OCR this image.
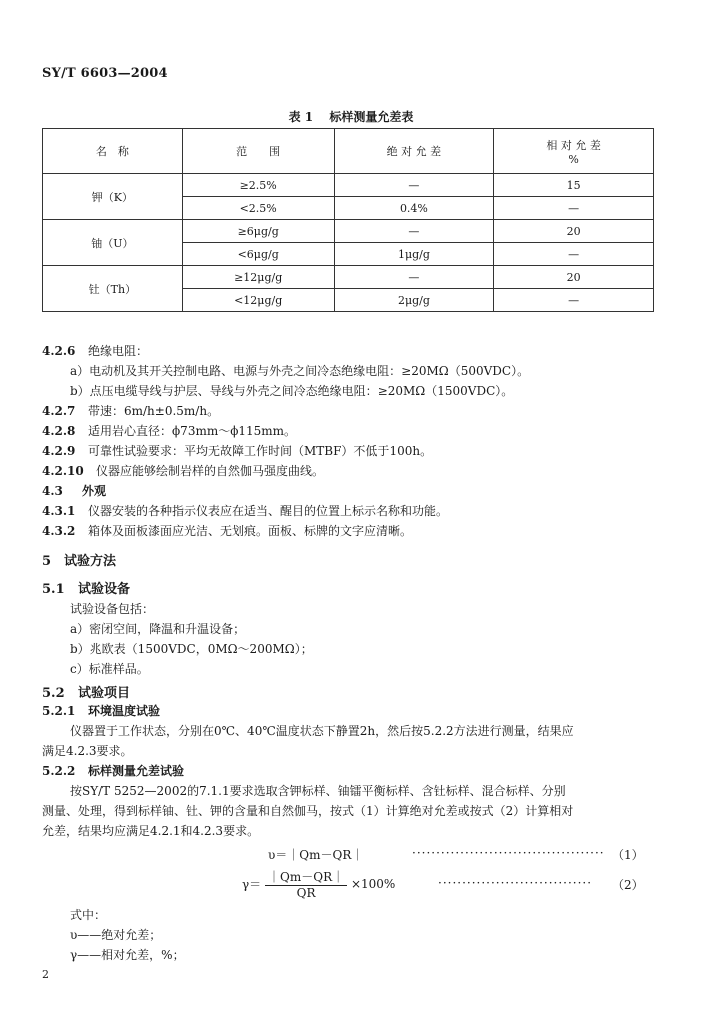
SY/T 6603—2004
表 1 标样测量允差表
名　称	范　　围	绝 对 允 差	相 对 允 差
%

钾（K）	≥2.5%	—	15
	<2.5%	0.4%	—
铀（U）	≥6μg/g	—	20
	<6μg/g	1μg/g	—
钍（Th）	≥12μg/g	—	20
	<12μg/g	2μg/g	—
4.2.6 绝缘电阻：
a）电动机及其开关控制电路、电源与外壳之间冷态绝缘电阻：≥20MΩ（500VDC）。
b）点压电缆导线与护层、导线与外壳之间冷态绝缘电阻：≥20MΩ（1500VDC）。
4.2.7 带速：6m/h±0.5m/h。
4.2.8 适用岩心直径：ϕ73mm～ϕ115mm。
4.2.9 可靠性试验要求：平均无故障工作时间（MTBF）不低于100h。
4.2.10 仪器应能够绘制岩样的自然伽马强度曲线。
4.3 外观
4.3.1 仪器安装的各种指示仪表应在适当、醒目的位置上标示名称和功能。
4.3.2 箱体及面板漆面应光洁、无划痕。面板、标牌的文字应清晰。
5 试验方法
5.1 试验设备
试验设备包括：
a）密闭空间，降温和升温设备；
b）兆欧表（1500VDC，0MΩ～200MΩ）；
c）标准样品。
5.2 试验项目
5.2.1 环境温度试验
仪器置于工作状态，分别在0℃、40℃温度状态下静置2h，然后按5.2.2方法进行测量，结果应
满足4.2.3要求。
5.2.2 标样测量允差试验
按SY/T 5252—2002的7.1.1要求选取含钾标样、铀镭平衡标样、含钍标样、混合标样、分别
测量、处理，得到标样铀、钍、钾的含量和自然伽马，按式（1）计算绝对允差或按式（2）计算相对
允差，结果均应满足4.2.1和4.2.3要求。
υ＝｜Qm－QR｜	········································ （1）
$\gamma= \frac{|Qm-QR|}{QR} \times 100\%$	································	（2）
式中：
υ——绝对允差；
γ——相对允差，%；
2
